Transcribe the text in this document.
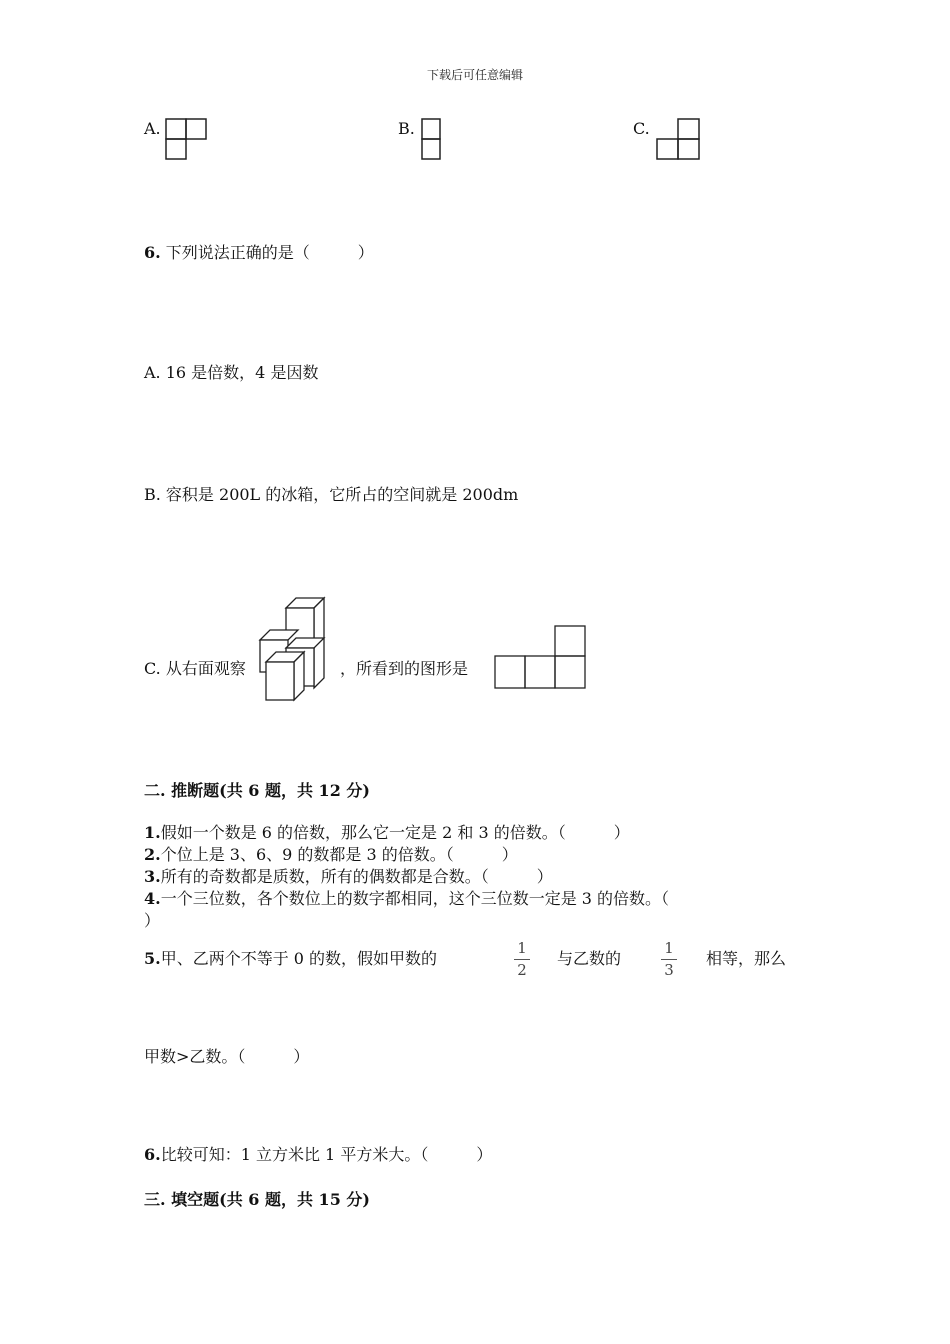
下载后可任意编辑
A.	B.	C.
6. 下列说法正确的是（　　　）
A. 16 是倍数，4 是因数
B. 容积是 200L 的冰箱，它所占的空间就是 200dm
C. 从右面观察	，所看到的图形是
二. 推断题(共 6 题，共 12 分)
1.假如一个数是 6 的倍数，那么它一定是 2 和 3 的倍数。（　　　）
2.个位上是 3、6、9 的数都是 3 的倍数。（　　　）
3.所有的奇数都是质数，所有的偶数都是合数。（　　　）
4.一个三位数，各个数位上的数字都相同，这个三位数一定是 3 的倍数。（
）
5.甲、乙两个不等于 0 的数，假如甲数的
1
2
与乙数的
1
3
相等，那么
甲数>乙数。（　　　）
6.比较可知：1 立方米比 1 平方米大。（　　　）
三. 填空题(共 6 题，共 15 分)
